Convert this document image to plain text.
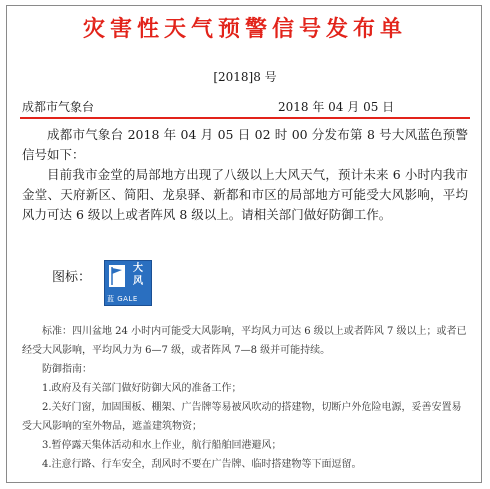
灾害性天气预警信号发布单
[2018]8 号
成都市气象台	2018 年 04 月 05 日

成都市气象台 2018 年 04 月 05 日 02 时 00 分发布第 8 号大风蓝色预警信号如下：

目前我市金堂的局部地方出现了八级以上大风天气，预计未来 6 小时内我市金堂、天府新区、简阳、龙泉驿、新都和市区的局部地方可能受大风影响，平均风力可达 6 级以上或者阵风 8 级以上。请相关部门做好防御工作。

图标：
大
风
蓝 GALE
标准：四川盆地 24 小时内可能受大风影响，平均风力可达 6 级以上或者阵风 7 级以上；或者已经受大风影响，平均风力为 6—7 级，或者阵风 7—8 级并可能持续。
防御指南：
1.政府及有关部门做好防御大风的准备工作；
2.关好门窗，加固围板、棚架、广告牌等易被风吹动的搭建物，切断户外危险电源，妥善安置易受大风影响的室外物品，遮盖建筑物资；
3.暂停露天集体活动和水上作业，航行船舶回港避风；
4.注意行路、行车安全，刮风时不要在广告牌、临时搭建物等下面逗留。
